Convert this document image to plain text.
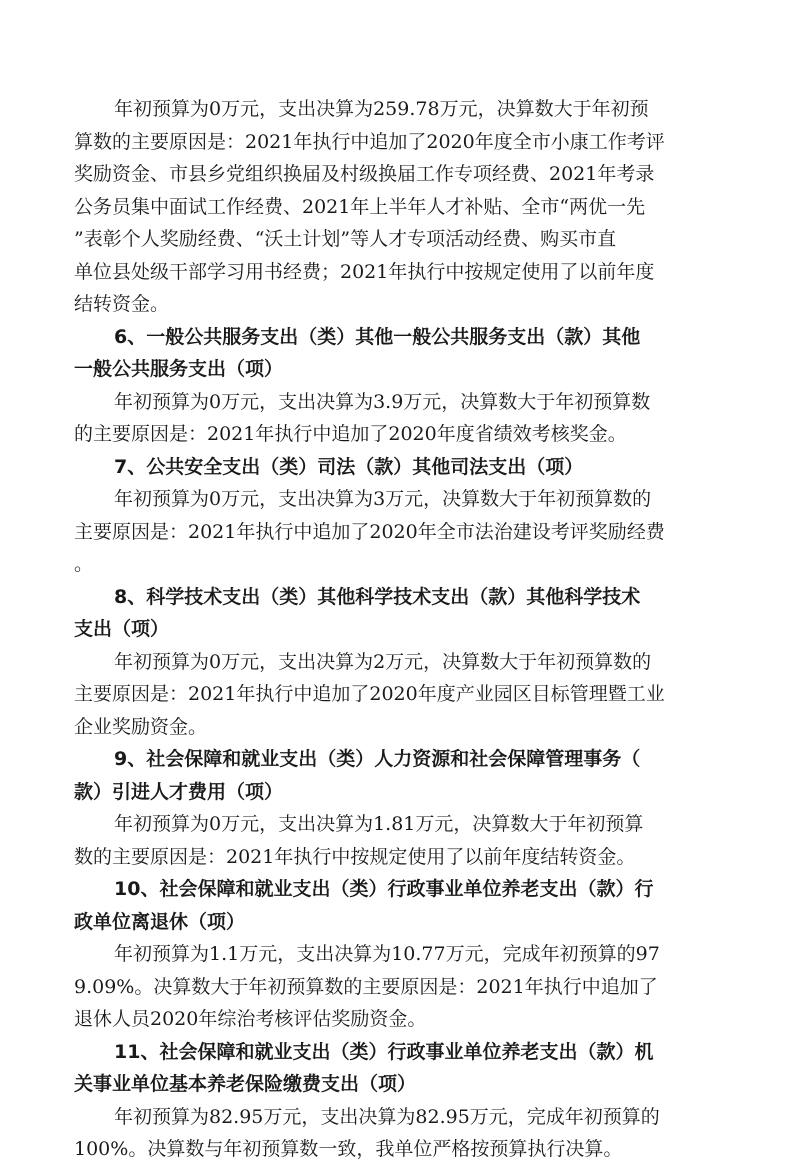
年初预算为0万元，支出决算为259.78万元，决算数大于年初预
算数的主要原因是：2021年执行中追加了2020年度全市小康工作考评
奖励资金、市县乡党组织换届及村级换届工作专项经费、2021年考录
公务员集中面试工作经费、2021年上半年人才补贴、全市“两优一先
”表彰个人奖励经费、“沃土计划”等人才专项活动经费、购买市直
单位县处级干部学习用书经费；2021年执行中按规定使用了以前年度
结转资金。
6、一般公共服务支出（类）其他一般公共服务支出（款）其他
一般公共服务支出（项）
年初预算为0万元，支出决算为3.9万元，决算数大于年初预算数
的主要原因是：2021年执行中追加了2020年度省绩效考核奖金。
7、公共安全支出（类）司法（款）其他司法支出（项）
年初预算为0万元，支出决算为3万元，决算数大于年初预算数的
主要原因是：2021年执行中追加了2020年全市法治建设考评奖励经费
。
8、科学技术支出（类）其他科学技术支出（款）其他科学技术
支出（项）
年初预算为0万元，支出决算为2万元，决算数大于年初预算数的
主要原因是：2021年执行中追加了2020年度产业园区目标管理暨工业
企业奖励资金。
9、社会保障和就业支出（类）人力资源和社会保障管理事务（
款）引进人才费用（项）
年初预算为0万元，支出决算为1.81万元，决算数大于年初预算
数的主要原因是：2021年执行中按规定使用了以前年度结转资金。
10、社会保障和就业支出（类）行政事业单位养老支出（款）行
政单位离退休（项）
年初预算为1.1万元，支出决算为10.77万元，完成年初预算的97
9.09%。决算数大于年初预算数的主要原因是：2021年执行中追加了
退休人员2020年综治考核评估奖励资金。
11、社会保障和就业支出（类）行政事业单位养老支出（款）机
关事业单位基本养老保险缴费支出（项）
年初预算为82.95万元，支出决算为82.95万元，完成年初预算的
100%。决算数与年初预算数一致，我单位严格按预算执行决算。
